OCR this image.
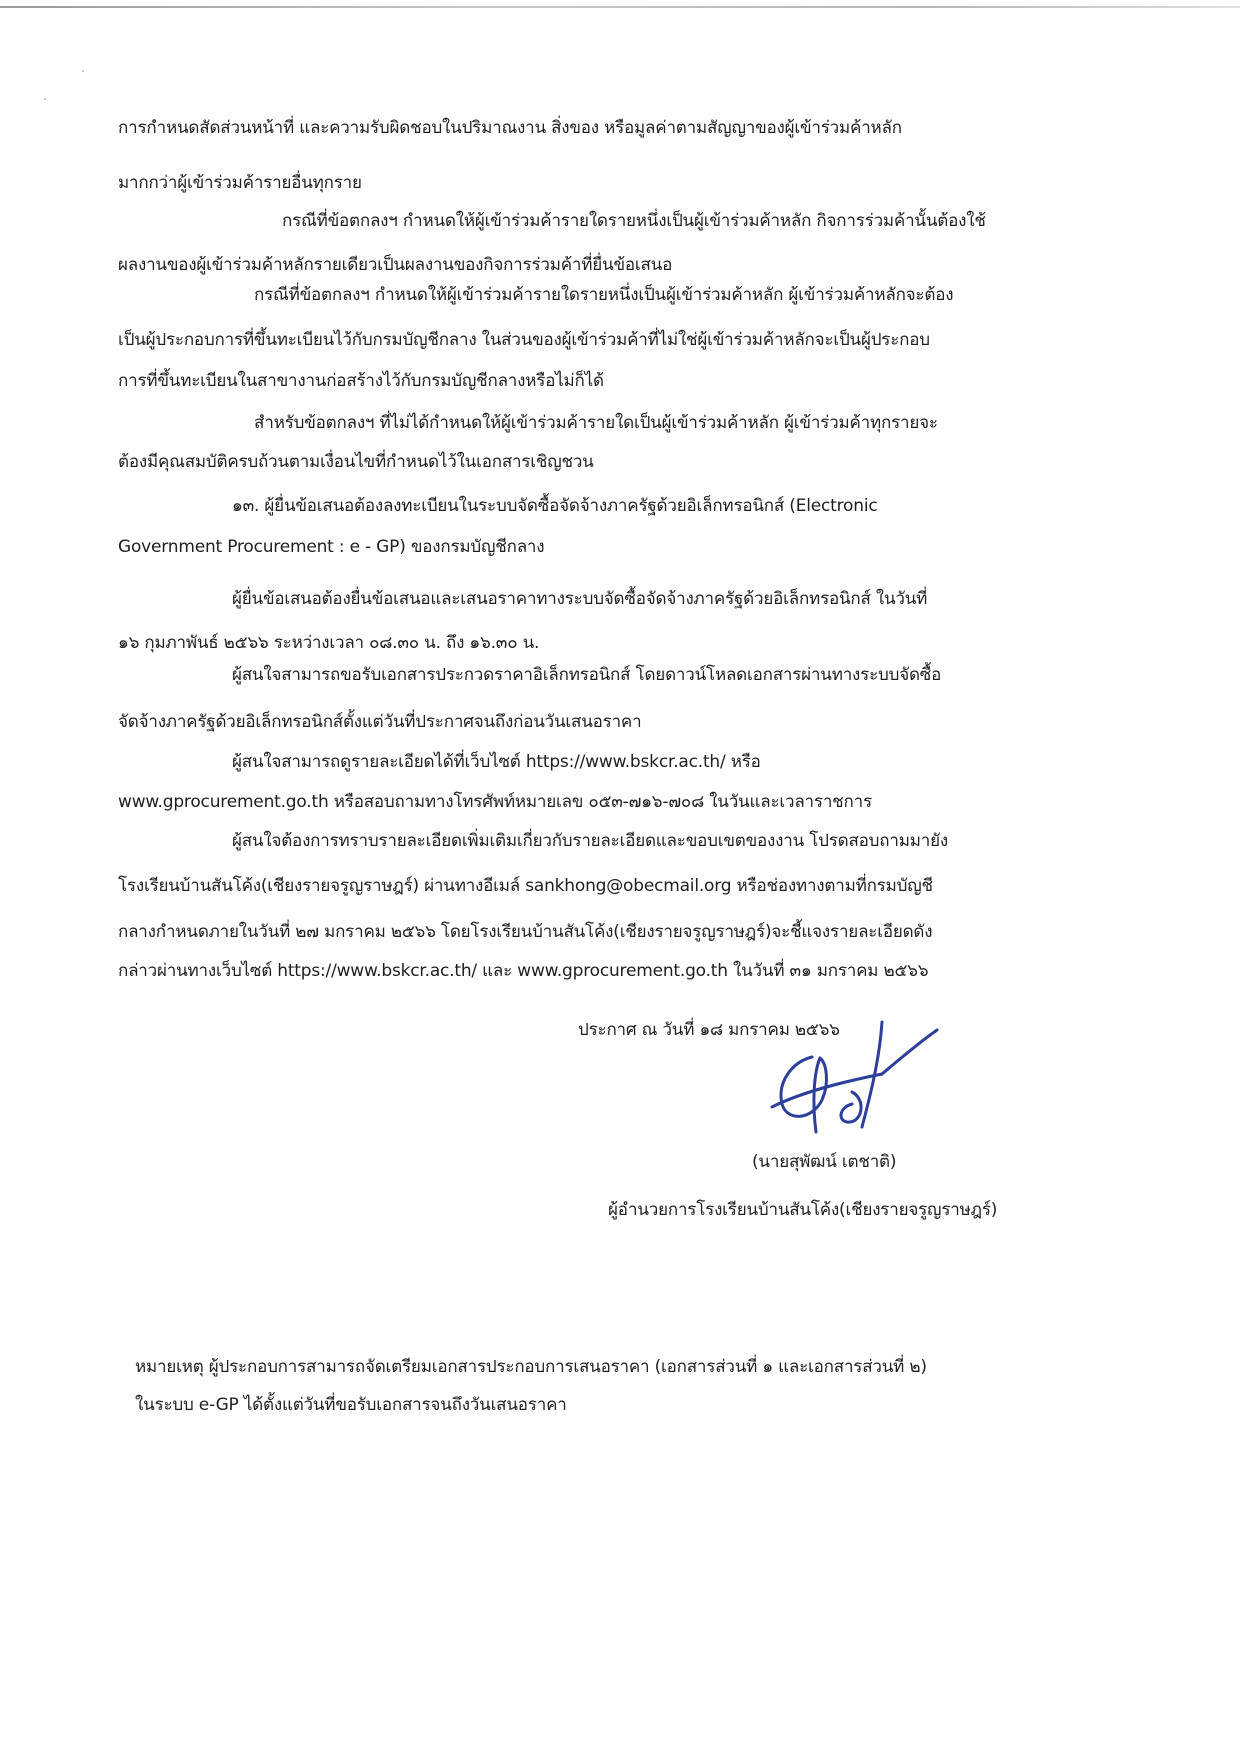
การกำหนดสัดส่วนหน้าที่ และความรับผิดชอบในปริมาณงาน สิ่งของ หรือมูลค่าตามสัญญาของผู้เข้าร่วมค้าหลัก
มากกว่าผู้เข้าร่วมค้ารายอื่นทุกราย
กรณีที่ข้อตกลงฯ กำหนดให้ผู้เข้าร่วมค้ารายใดรายหนึ่งเป็นผู้เข้าร่วมค้าหลัก กิจการร่วมค้านั้นต้องใช้
ผลงานของผู้เข้าร่วมค้าหลักรายเดียวเป็นผลงานของกิจการร่วมค้าที่ยื่นข้อเสนอ
กรณีที่ข้อตกลงฯ กำหนดให้ผู้เข้าร่วมค้ารายใดรายหนึ่งเป็นผู้เข้าร่วมค้าหลัก ผู้เข้าร่วมค้าหลักจะต้อง
เป็นผู้ประกอบการที่ขึ้นทะเบียนไว้กับกรมบัญชีกลาง ในส่วนของผู้เข้าร่วมค้าที่ไม่ใช่ผู้เข้าร่วมค้าหลักจะเป็นผู้ประกอบ
การที่ขึ้นทะเบียนในสาขางานก่อสร้างไว้กับกรมบัญชีกลางหรือไม่ก็ได้
สำหรับข้อตกลงฯ ที่ไม่ได้กำหนดให้ผู้เข้าร่วมค้ารายใดเป็นผู้เข้าร่วมค้าหลัก ผู้เข้าร่วมค้าทุกรายจะ
ต้องมีคุณสมบัติครบถ้วนตามเงื่อนไขที่กำหนดไว้ในเอกสารเชิญชวน
๑๓. ผู้ยื่นข้อเสนอต้องลงทะเบียนในระบบจัดซื้อจัดจ้างภาครัฐด้วยอิเล็กทรอนิกส์ (Electronic
Government Procurement : e - GP) ของกรมบัญชีกลาง
ผู้ยื่นข้อเสนอต้องยื่นข้อเสนอและเสนอราคาทางระบบจัดซื้อจัดจ้างภาครัฐด้วยอิเล็กทรอนิกส์ ในวันที่
๑๖ กุมภาพันธ์ ๒๕๖๖ ระหว่างเวลา ๐๘.๓๐ น. ถึง ๑๖.๓๐ น.
ผู้สนใจสามารถขอรับเอกสารประกวดราคาอิเล็กทรอนิกส์ โดยดาวน์โหลดเอกสารผ่านทางระบบจัดซื้อ
จัดจ้างภาครัฐด้วยอิเล็กทรอนิกส์ตั้งแต่วันที่ประกาศจนถึงก่อนวันเสนอราคา
ผู้สนใจสามารถดูรายละเอียดได้ที่เว็บไซต์ https://www.bskcr.ac.th/ หรือ
www.gprocurement.go.th หรือสอบถามทางโทรศัพท์หมายเลข ๐๕๓-๗๑๖-๗๐๘ ในวันและเวลาราชการ
ผู้สนใจต้องการทราบรายละเอียดเพิ่มเติมเกี่ยวกับรายละเอียดและขอบเขตของงาน โปรดสอบถามมายัง
โรงเรียนบ้านสันโค้ง(เชียงรายจรูญราษฎร์) ผ่านทางอีเมล์ sankhong@obecmail.org หรือช่องทางตามที่กรมบัญชี
กลางกำหนดภายในวันที่ ๒๗ มกราคม ๒๕๖๖ โดยโรงเรียนบ้านสันโค้ง(เชียงรายจรูญราษฎร์)จะชี้แจงรายละเอียดดัง
กล่าวผ่านทางเว็บไซต์ https://www.bskcr.ac.th/ และ www.gprocurement.go.th ในวันที่ ๓๑ มกราคม ๒๕๖๖
ประกาศ ณ วันที่ ๑๘ มกราคม ๒๕๖๖
(นายสุพัฒน์ เตชาติ)
ผู้อำนวยการโรงเรียนบ้านสันโค้ง(เชียงรายจรูญราษฎร์)
หมายเหตุ ผู้ประกอบการสามารถจัดเตรียมเอกสารประกอบการเสนอราคา (เอกสารส่วนที่ ๑ และเอกสารส่วนที่ ๒)
ในระบบ e-GP ได้ตั้งแต่วันที่ขอรับเอกสารจนถึงวันเสนอราคา
